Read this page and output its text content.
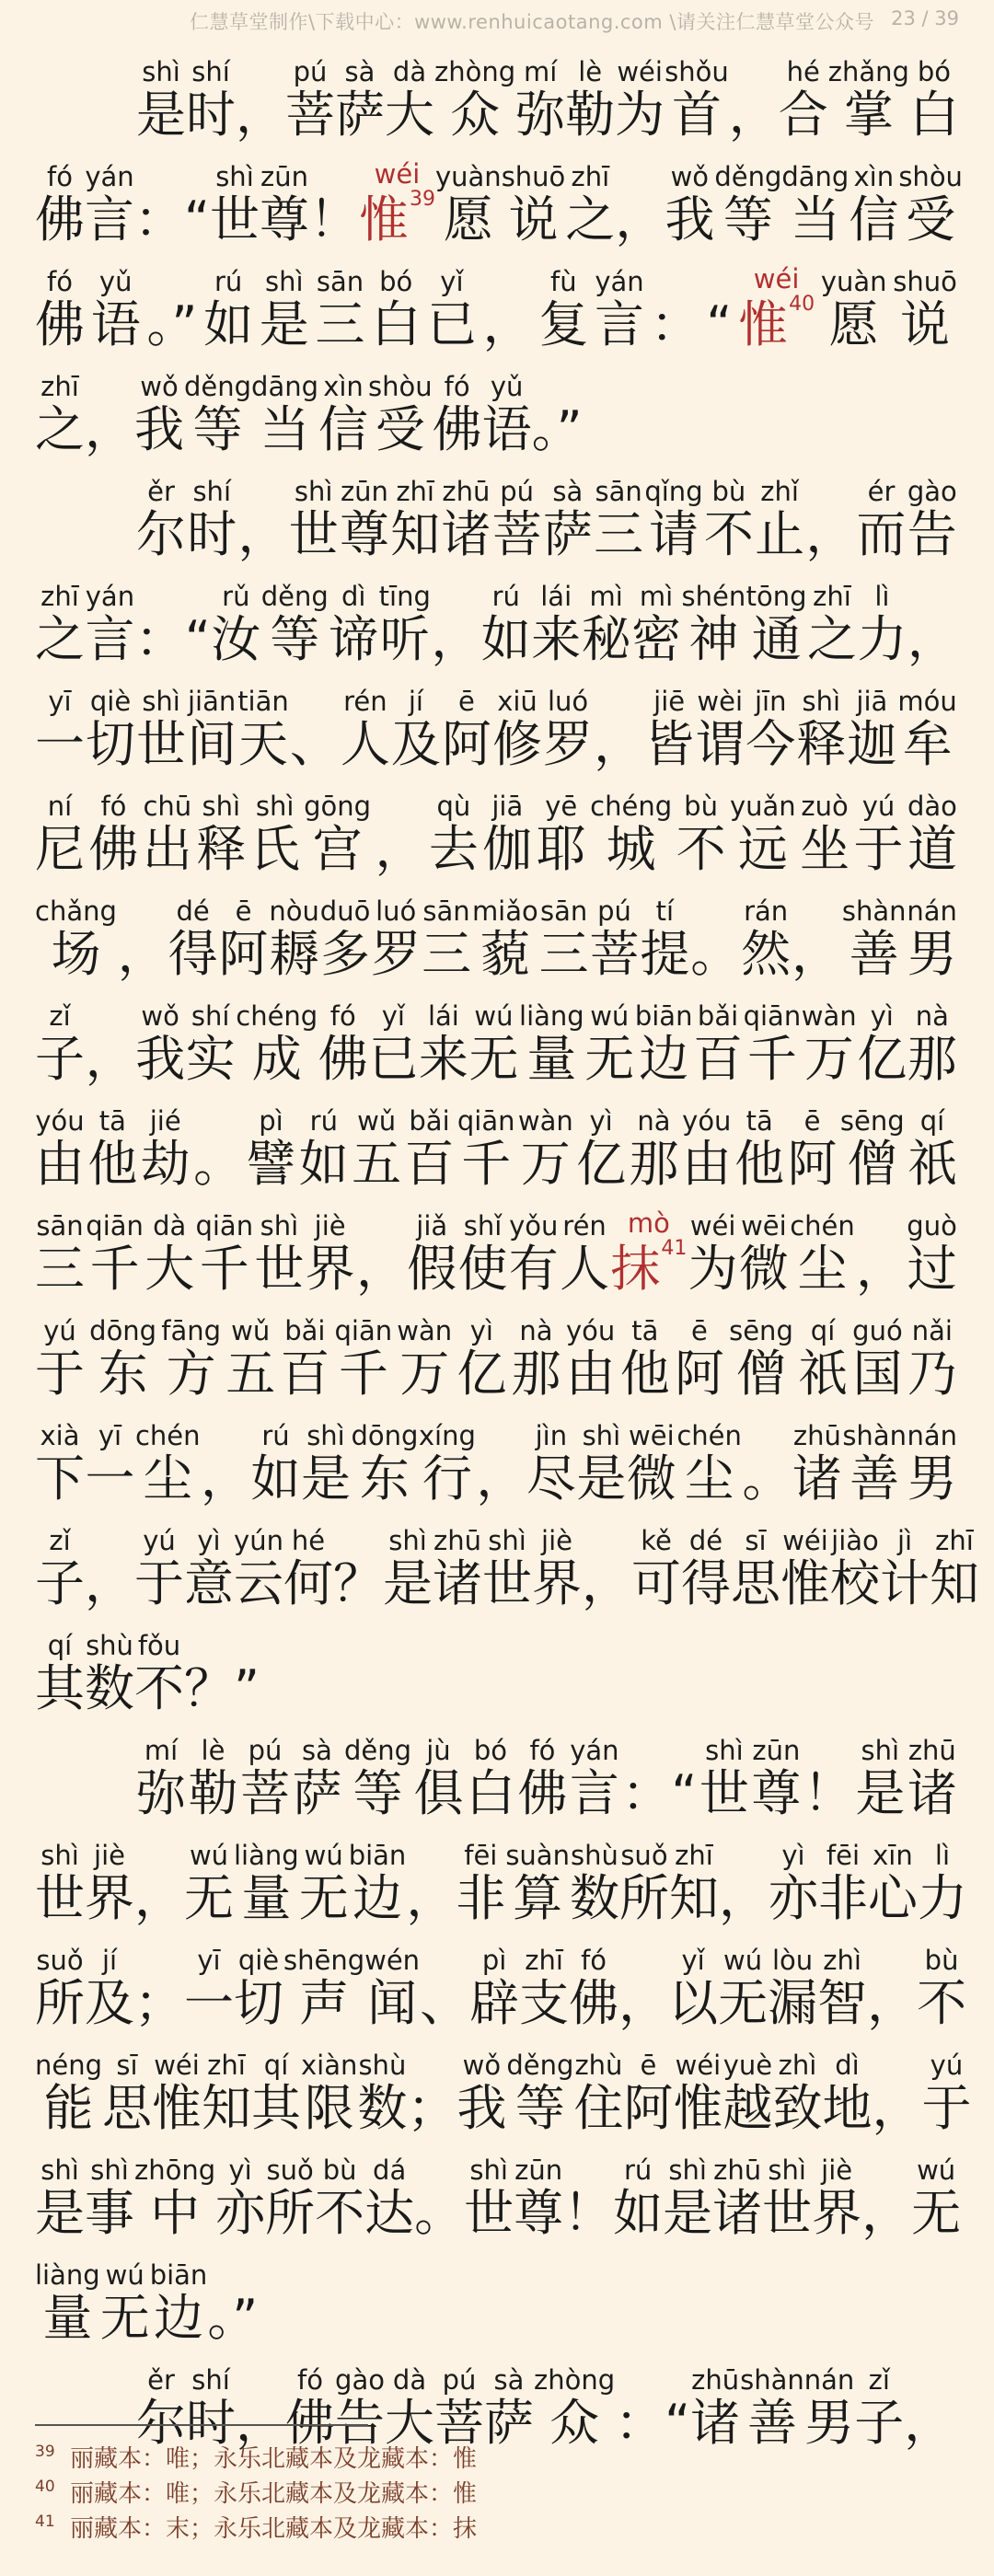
仁慧草堂制作\下载中心：www.renhuicaotang.com \请关注仁慧草堂公众号 23 / 39
是shì
时shí
， 菩pú
萨sà
大dà
众zhòng
弥mí
勒lè
为wéi
首shǒu
， 合hé
掌zhǎng
白bó
佛fó
言yán
：“ 世shì
尊zūn
！ 惟$^{39}$wéi
愿yuàn
说shuō
之zhī
， 我wǒ
等děng
当dāng
信xìn
受shòu
佛fó
语yǔ
。” 如rú
是shì
三sān
白bó
已yǐ
， 复fù
言yán
： “ 惟$^{40}$wéi
愿yuàn
说shuō
之zhī
， 我wǒ
等děng
当dāng
信xìn
受shòu
佛fó
语yǔ
。”
尔ěr
时shí
， 世shì
尊zūn
知zhī
诸zhū
菩pú
萨sà
三sān
请qǐng
不bù
止zhǐ
， 而ér
告gào
之zhī
言yán
：“ 汝rǔ
等děng
谛dì
听tīng
， 如rú
来lái
秘mì
密mì
神shén
通tōng
之zhī
力lì
，
一yī
切qiè
世shì
间jiān
天tiān
、 人rén
及jí
阿ē
修xiū
罗luó
， 皆jiē
谓wèi
今jīn
释shì
迦jiā
牟móu
尼ní
佛fó
出chū
释shì
氏shì
宫gōng
， 去qù
伽jiā
耶yē
城chéng
不bù
远yuǎn
坐zuò
于yú
道dào
场chǎng
， 得dé
阿ē
耨nòu
多duō
罗luó
三sān
藐miǎo
三sān
菩pú
提tí
。 然rán
， 善shàn
男nán
子zǐ
， 我wǒ
实shí
成chéng
佛fó
已yǐ
来lái
无wú
量liàng
无wú
边biān
百bǎi
千qiān
万wàn
亿yì
那nà
由yóu
他tā
劫jié
。 譬pì
如rú
五wǔ
百bǎi
千qiān
万wàn
亿yì
那nà
由yóu
他tā
阿ē
僧sēng
祇qí
三sān
千qiān
大dà
千qiān
世shì
界jiè
， 假jiǎ
使shǐ
有yǒu
人rén
抹$^{41}$mò
为wéi
微wēi
尘chén
， 过guò
于yú
东dōng
方fāng
五wǔ
百bǎi
千qiān
万wàn
亿yì
那nà
由yóu
他tā
阿ē
僧sēng
祇qí
国guó
乃nǎi
下xià
一yī
尘chén
， 如rú
是shì
东dōng
行xíng
， 尽jìn
是shì
微wēi
尘chén
。 诸zhū
善shàn
男nán
子zǐ
， 于yú
意yì
云yún
何hé
？ 是shì
诸zhū
世shì
界jiè
， 可kě
得dé
思sī
惟wéi
校jiào
计jì
知zhī
其qí
数shù
不fǒu
？”
弥mí
勒lè
菩pú
萨sà
等děng
俱jù
白bó
佛fó
言yán
：“ 世shì
尊zūn
！ 是shì
诸zhū
世shì
界jiè
， 无wú
量liàng
无wú
边biān
， 非fēi
算suàn
数shù
所suǒ
知zhī
， 亦yì
非fēi
心xīn
力lì
所suǒ
及jí
； 一yī
切qiè
声shēng
闻wén
、 辟pì
支zhī
佛fó
， 以yǐ
无wú
漏lòu
智zhì
， 不bù
能néng
思sī
惟wéi
知zhī
其qí
限xiàn
数shù
； 我wǒ
等děng
住zhù
阿ē
惟wéi
越yuè
致zhì
地dì
， 于yú
是shì
事shì
中zhōng
亦yì
所suǒ
不bù
达dá
。 世shì
尊zūn
！ 如rú
是shì
诸zhū
世shì
界jiè
， 无wú
量liàng
无wú
边biān
。”
尔ěr
时shí
， 佛fó
告gào
大dà
菩pú
萨sà
众zhòng
：“ 诸zhū
善shàn
男nán
子zǐ
，
39 丽藏本：唯；永乐北藏本及龙藏本：惟
40 丽藏本：唯；永乐北藏本及龙藏本：惟
41 丽藏本：末；永乐北藏本及龙藏本：抹
